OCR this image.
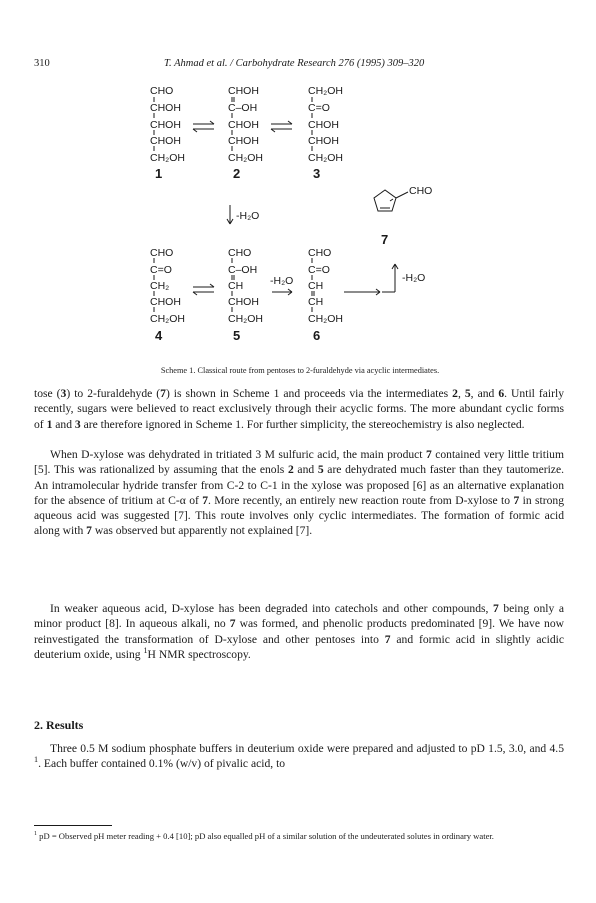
310	T. Ahmad et al. / Carbohydrate Research 276 (1995) 309–320
CHO
CHOH
CHOH
CHOH
CH₂OH
1
CHOH
C–OH
CHOH
CHOH
CH₂OH
2
CH₂OH
C=O
CHOH
CHOH
CH₂OH
3
-H₂O
CHO
7
CHO
C=O
CH₂
CHOH
CH₂OH
4
CHO
C–OH
CH
CHOH
CH₂OH
5
-H₂O
CHO
C=O
CH
CH
CH₂OH
6
-H₂O
Scheme 1. Classical route from pentoses to 2-furaldehyde via acyclic intermediates.

tose (3) to 2-furaldehyde (7) is shown in Scheme 1 and proceeds via the intermediates 2, 5, and 6. Until fairly recently, sugars were believed to react exclusively through their acyclic forms. The more abundant cyclic forms of 1 and 3 are therefore ignored in Scheme 1. For further simplicity, the stereochemistry is also neglected.

When D-xylose was dehydrated in tritiated 3 M sulfuric acid, the main product 7 contained very little tritium [5]. This was rationalized by assuming that the enols 2 and 5 are dehydrated much faster than they tautomerize. An intramolecular hydride transfer from C-2 to C-1 in the xylose was proposed [6] as an alternative explanation for the absence of tritium at C-α of 7. More recently, an entirely new reaction route from D-xylose to 7 in strong aqueous acid was suggested [7]. This route involves only cyclic intermediates. The formation of formic acid along with 7 was observed but apparently not explained [7].

In weaker aqueous acid, D-xylose has been degraded into catechols and other compounds, 7 being only a minor product [8]. In aqueous alkali, no 7 was formed, and phenolic products predominated [9]. We have now reinvestigated the transformation of D-xylose and other pentoses into 7 and formic acid in slightly acidic deuterium oxide, using $^1$H NMR spectroscopy.

2. Results

Three 0.5 M sodium phosphate buffers in deuterium oxide were prepared and adjusted to pD 1.5, 3.0, and 4.5 $^1$. Each buffer contained 0.1% (w/v) of pivalic acid, to

$^1$ pD = Observed pH meter reading + 0.4 [10]; pD also equalled pH of a similar solution of the undeuterated solutes in ordinary water.
